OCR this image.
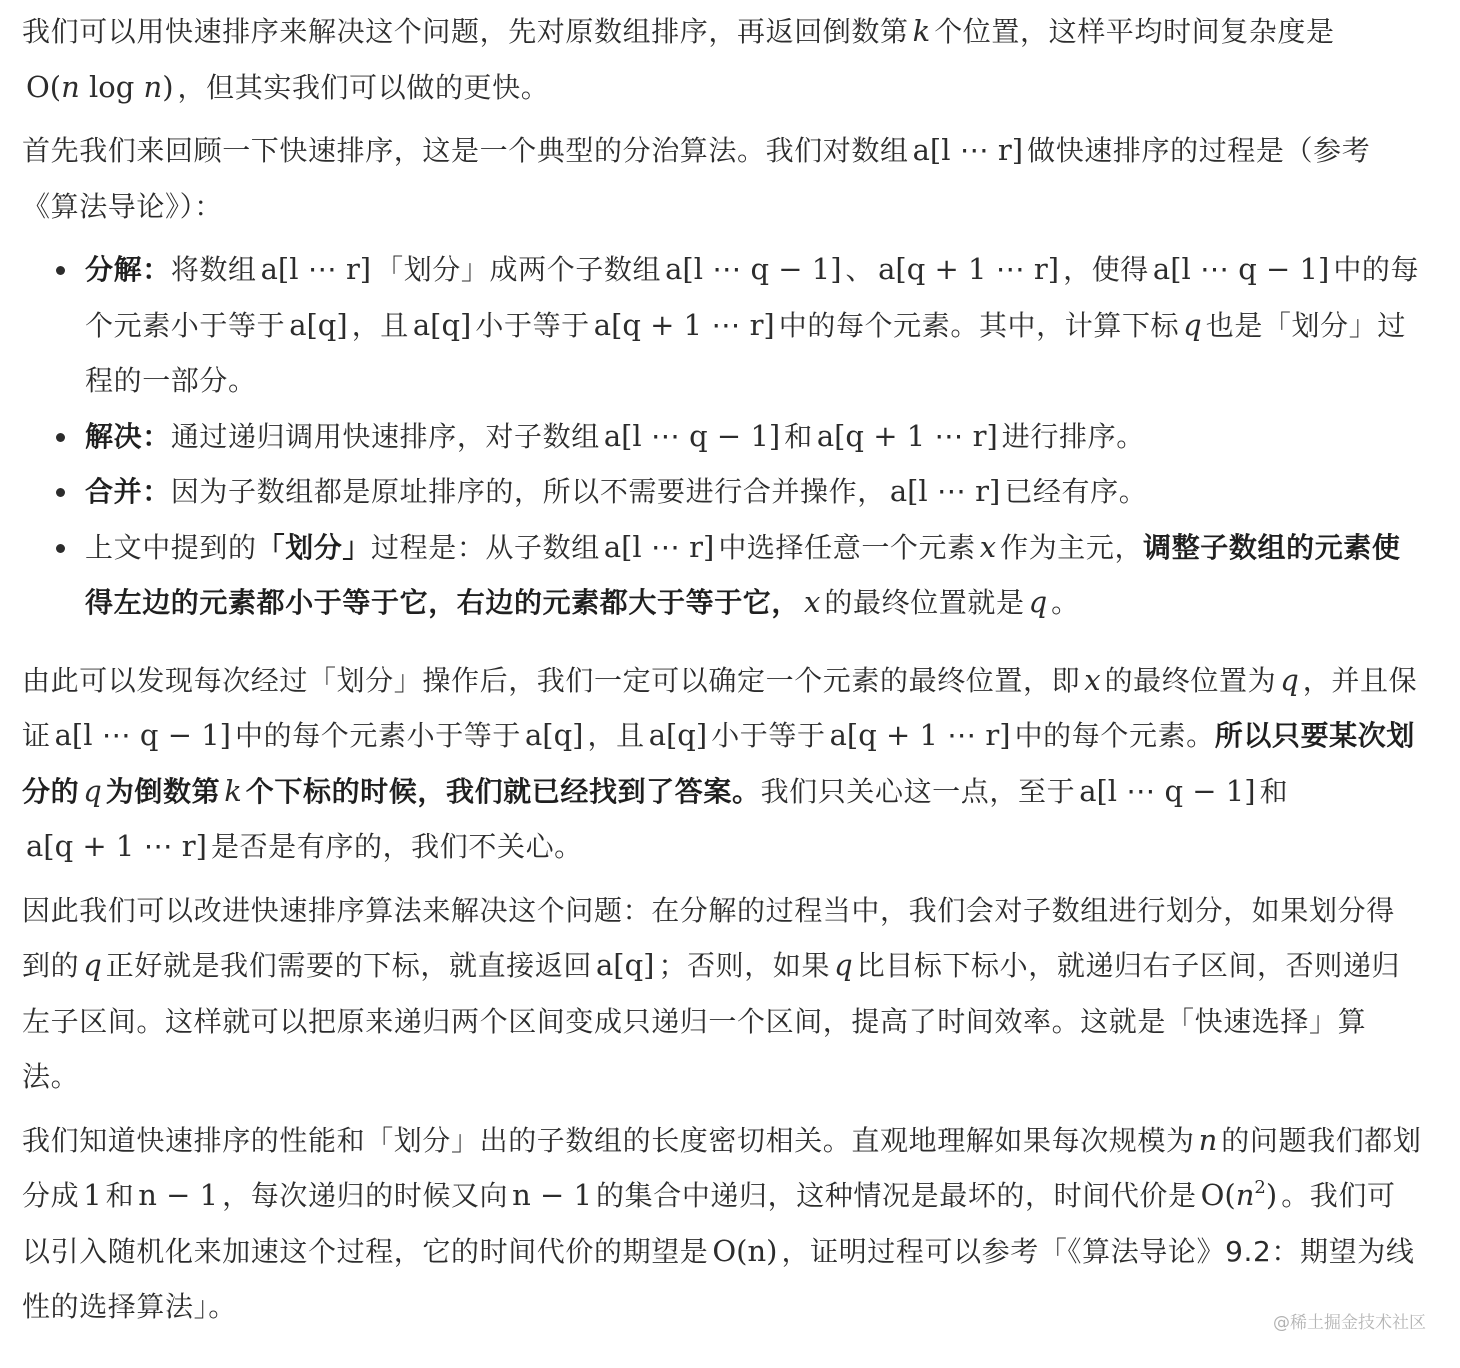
我们可以用快速排序来解决这个问题，先对原数组排序，再返回倒数第 k 个位置，这样平均时间复杂度是O(n log n) ，但其实我们可以做的更快。

首先我们来回顾一下快速排序，这是一个典型的分治算法。我们对数组 a[l ⋯ r] 做快速排序的过程是（参考《算法导论》）：

分解：将数组 a[l ⋯ r] 「划分」成两个子数组 a[l ⋯ q − 1] 、 a[q + 1 ⋯ r] ，使得 a[l ⋯ q − 1] 中的每个元素小于等于 a[q] ，且 a[q] 小于等于 a[q + 1 ⋯ r] 中的每个元素。其中，计算下标 q 也是「划分」过程的一部分。
解决：通过递归调用快速排序，对子数组 a[l ⋯ q − 1] 和 a[q + 1 ⋯ r] 进行排序。
合并：因为子数组都是原址排序的，所以不需要进行合并操作， a[l ⋯ r] 已经有序。
上文中提到的「划分」过程是：从子数组 a[l ⋯ r] 中选择任意一个元素 x 作为主元，调整子数组的元素使得左边的元素都小于等于它，右边的元素都大于等于它， x 的最终位置就是 q 。

由此可以发现每次经过「划分」操作后，我们一定可以确定一个元素的最终位置，即 x 的最终位置为 q ，并且保证 a[l ⋯ q − 1] 中的每个元素小于等于 a[q] ，且 a[q] 小于等于 a[q + 1 ⋯ r] 中的每个元素。所以只要某次划分的 q 为倒数第 k 个下标的时候，我们就已经找到了答案。我们只关心这一点，至于 a[l ⋯ q − 1] 和a[q + 1 ⋯ r] 是否是有序的，我们不关心。

因此我们可以改进快速排序算法来解决这个问题：在分解的过程当中，我们会对子数组进行划分，如果划分得到的 q 正好就是我们需要的下标，就直接返回 a[q] ；否则，如果 q 比目标下标小，就递归右子区间，否则递归左子区间。这样就可以把原来递归两个区间变成只递归一个区间，提高了时间效率。这就是「快速选择」算法。

我们知道快速排序的性能和「划分」出的子数组的长度密切相关。直观地理解如果每次规模为 n 的问题我们都划分成 1 和 n − 1 ，每次递归的时候又向 n − 1 的集合中递归，这种情况是最坏的，时间代价是 $O(n^2)$ 。我们可以引入随机化来加速这个过程，它的时间代价的期望是 O(n) ，证明过程可以参考「《算法导论》9.2：期望为线性的选择算法」。	@稀土掘金技术社区
